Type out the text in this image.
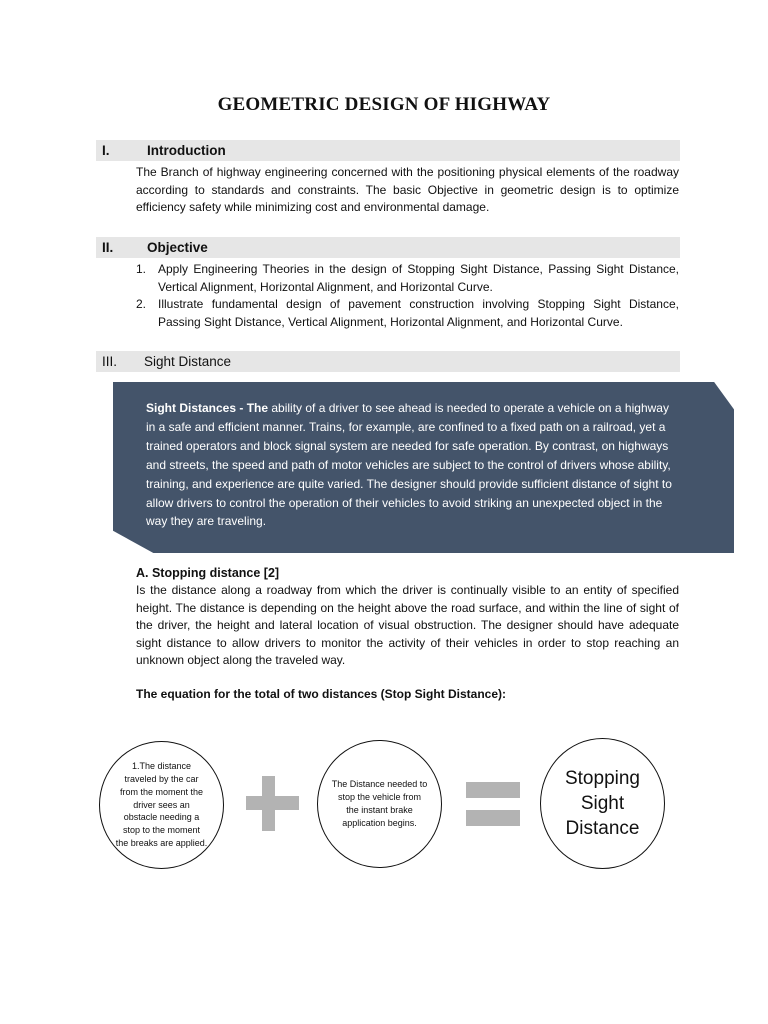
GEOMETRIC DESIGN OF HIGHWAY
I.	Introduction
The Branch of highway engineering concerned with the positioning physical elements of the roadway according to standards and constraints. The basic Objective in geometric design is to optimize efficiency safety while minimizing cost and environmental damage.
II. Objective
1. Apply Engineering Theories in the design of Stopping Sight Distance, Passing Sight Distance, Vertical Alignment, Horizontal Alignment, and Horizontal Curve.
2. Illustrate fundamental design of pavement construction involving Stopping Sight Distance, Passing Sight Distance, Vertical Alignment, Horizontal Alignment, and Horizontal Curve.
III. Sight Distance
Sight Distances - The ability of a driver to see ahead is needed to operate a vehicle on a highway in a safe and efficient manner. Trains, for example, are confined to a fixed path on a railroad, yet a trained operators and block signal system are needed for safe operation. By contrast, on highways and streets, the speed and path of motor vehicles are subject to the control of drivers whose ability, training, and experience are quite varied. The designer should provide sufficient distance of sight to allow drivers to control the operation of their vehicles to avoid striking an unexpected object in the way they are traveling.
A. Stopping distance [2]
Is the distance along a roadway from which the driver is continually visible to an entity of specified height. The distance is depending on the height above the road surface, and within the line of sight of the driver, the height and lateral location of visual obstruction. The designer should have adequate sight distance to allow drivers to monitor the activity of their vehicles in order to stop reaching an unknown object along the traveled way.
The equation for the total of two distances (Stop Sight Distance):
1.The distance traveled by the car from the moment the driver sees an obstacle needing a stop to the moment the breaks are applied.
The Distance needed to stop the vehicle from the instant brake application begins.
Stopping Sight Distance
